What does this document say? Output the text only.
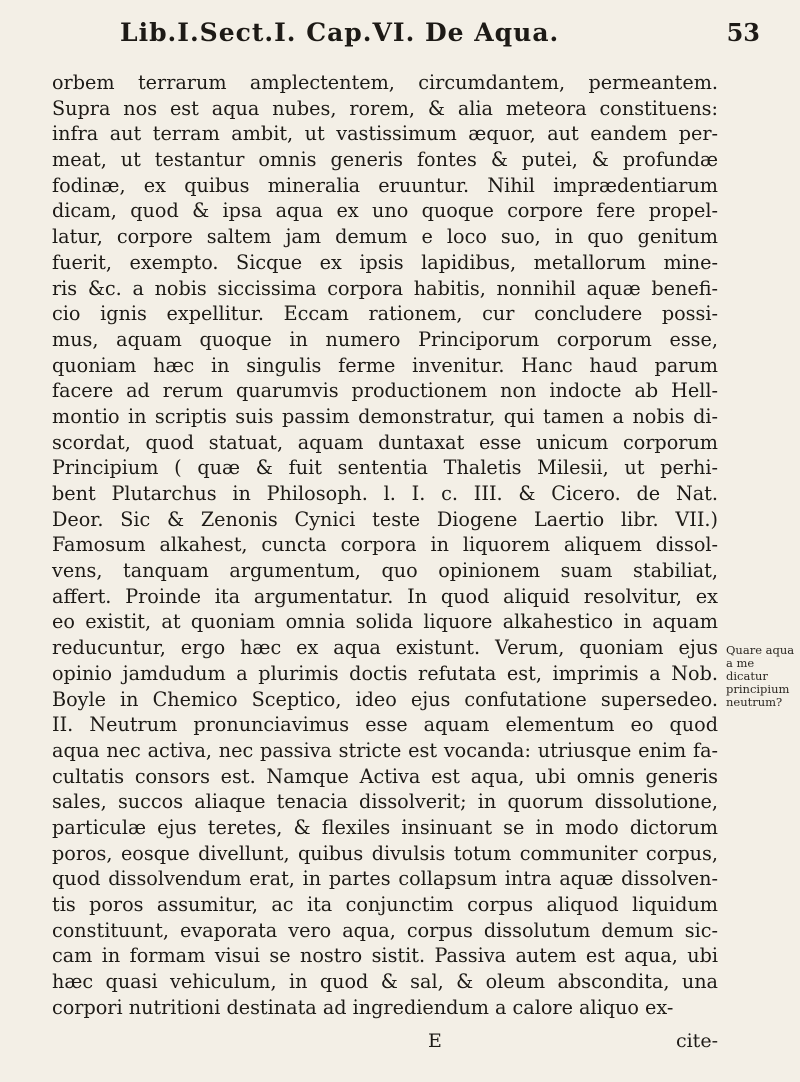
Lib.I.Sect.I. Cap.VI. De Aqua.	53
orbem terrarum amplectentem, circumdantem, permeantem.
Supra nos est aqua nubes, rorem, & alia meteora constituens:
infra aut terram ambit, ut vastissimum æquor, aut eandem per-
meat, ut testantur omnis generis fontes & putei, & profundæ
fodinæ, ex quibus mineralia eruuntur. Nihil imprædentiarum
dicam, quod & ipsa aqua ex uno quoque corpore fere propel-
latur, corpore saltem jam demum e loco suo, in quo genitum
fuerit, exempto. Sicque ex ipsis lapidibus, metallorum mine-
ris &c. a nobis siccissima corpora habitis, nonnihil aquæ benefi-
cio ignis expellitur. Eccam rationem, cur concludere possi-
mus, aquam quoque in numero Principorum corporum esse,
quoniam hæc in singulis ferme invenitur. Hanc haud parum
facere ad rerum quarumvis productionem non indocte ab Hell-
montio in scriptis suis passim demonstratur, qui tamen a nobis di-
scordat, quod statuat, aquam duntaxat esse unicum corporum
Principium ( quæ & fuit sententia Thaletis Milesii, ut perhi-
bent Plutarchus in Philosoph. l. I. c. III. & Cicero. de Nat.
Deor. Sic & Zenonis Cynici teste Diogene Laertio libr. VII.)
Famosum alkahest, cuncta corpora in liquorem aliquem dissol-
vens, tanquam argumentum, quo opinionem suam stabiliat,
affert. Proinde ita argumentatur. In quod aliquid resolvitur, ex
eo existit, at quoniam omnia solida liquore alkahestico in aquam
reducuntur, ergo hæc ex aqua existunt. Verum, quoniam ejus
opinio jamdudum a plurimis doctis refutata est, imprimis a Nob.
Boyle in Chemico Sceptico, ideo ejus confutatione supersedeo.
II. Neutrum pronunciavimus esse aquam elementum eo quod
aqua nec activa, nec passiva stricte est vocanda: utriusque enim fa-
cultatis consors est. Namque Activa est aqua, ubi omnis generis
sales, succos aliaque tenacia dissolverit; in quorum dissolutione,
particulæ ejus teretes, & flexiles insinuant se in modo dictorum
poros, eosque divellunt, quibus divulsis totum communiter corpus,
quod dissolvendum erat, in partes collapsum intra aquæ dissolven-
tis poros assumitur, ac ita conjunctim corpus aliquod liquidum
constituunt, evaporata vero aqua, corpus dissolutum demum sic-
cam in formam visui se nostro sistit. Passiva autem est aqua, ubi
hæc quasi vehiculum, in quod & sal, & oleum abscondita, una
corpori nutritioni destinata ad ingrediendum a calore aliquo ex-
Quare aqua a me dicatur principium neutrum?
E	cite-
